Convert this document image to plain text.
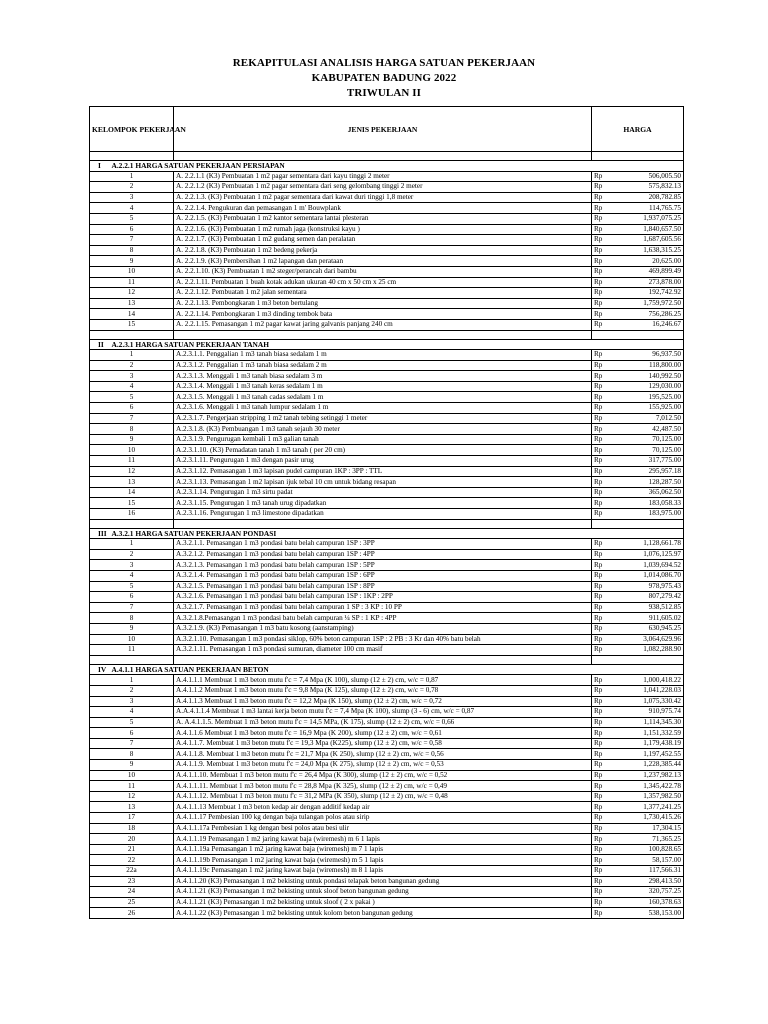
REKAPITULASI ANALISIS HARGA SATUAN PEKERJAAN
KABUPATEN BADUNG 2022
TRIWULAN II
KELOMPOK PEKERJAAN		JENIS PEKERJAAN	HARGA	

I	A.2.2.1 HARGA SATUAN PEKERJAAN PERSIAPAN			
1		A. 2.2.1.1 (K3) Pembuatan 1 m2 pagar sementara dari kayu tinggi 2 meter	Rp	506,005.50
2		A. 2.2.1.2 (K3) Pembuatan 1 m2 pagar sementara dari seng gelombang tinggi 2 meter	Rp	575,832.13
3		A. 2.2.1.3. (K3) Pembuatan 1 m2 pagar sementara dari kawat duri tinggi 1,8 meter	Rp	208,782.85
4		A. 2.2.1.4. Pengukuran dan pemasangan 1 m' Bouwplank	Rp	114,765.75
5		A. 2.2.1.5. (K3) Pembuatan 1 m2 kantor sementara lantai plesteran	Rp	1,937,075.25
6		A. 2.2.1.6. (K3) Pembuatan 1 m2 rumah jaga (konstruksi kayu )	Rp	1,840,657.50
7		A. 2.2.1.7. (K3) Pembuatan 1 m2 gudang semen dan peralatan	Rp	1,687,605.56
8		A. 2.2.1.8. (K3) Pembuatan 1 m2 bedeng pekerja	Rp	1,638,315.25
9		A. 2.2.1.9. (K3) Pembersihan 1 m2 lapangan dan perataan	Rp	20,625.00
10		A. 2.2.1.10. (K3) Pembuatan 1 m2 steger/perancah dari bambu	Rp	469,899.49
11		A. 2.2.1.11. Pembuatan 1 buah kotak adukan ukuran 40 cm x 50 cm x 25 cm	Rp	273,878.00
12		A. 2.2.1.12. Pembuatan 1 m2 jalan sementara	Rp	192,742.92
13		A. 2.2.1.13. Pembongkaran 1 m3 beton bertulang	Rp	1,759,972.50
14		A. 2.2.1.14. Pembongkaran 1 m3 dinding tembok bata	Rp	756,286.25
15		A. 2.2.1.15. Pemasangan 1 m2 pagar kawat jaring galvanis panjang 240 cm	Rp	16,246.67

II	A.2.3.1 HARGA SATUAN PEKERJAAN TANAH			
1		A.2.3.1.1. Penggalian 1 m3 tanah biasa sedalam 1 m	Rp	96,937.50
2		A.2.3.1.2. Penggalian 1 m3 tanah biasa sedalam 2 m	Rp	118,800.00
3		A.2.3.1.3. Menggali 1 m3 tanah biasa sedalam 3 m	Rp	140,992.50
4		A.2.3.1.4. Menggali 1 m3 tanah keras sedalam 1 m	Rp	129,030.00
5		A.2.3.1.5. Menggali 1 m3 tanah cadas sedalam 1 m	Rp	195,525.00
6		A.2.3.1.6. Menggali 1 m3 tanah lumpur sedalam 1 m	Rp	155,925.00
7		A.2.3.1.7. Pengerjaan stripping 1 m2 tanah tebing setinggi 1 meter	Rp	7,012.50
8		A.2.3.1.8. (K3) Pembuangan 1 m3 tanah sejauh 30 meter	Rp	42,487.50
9		A.2.3.1.9. Pengurugan kembali 1 m3 galian tanah	Rp	70,125.00
10		A.2.3.1.10. (K3) Pemadatan tanah 1 m3 tanah ( per 20 cm)	Rp	70,125.00
11		A.2.3.1.11. Pengurugan 1 m3 dengan pasir urug	Rp	317,775.00
12		A.2.3.1.12. Pemasangan 1 m3 lapisan pudel campuran 1KP : 3PP : TTL	Rp	295,957.18
13		A.2.3.1.13. Pemasangan 1 m2 lapisan ijuk tebal 10 cm untuk bidang resapan	Rp	128,287.50
14		A.2.3.1.14. Pengurugan 1 m3 sirtu padat	Rp	365,062.50
15		A.2.3.1.15. Pengurugan 1 m3 tanah urug dipadatkan	Rp	183,058.33
16		A.2.3.1.16. Pengurugan 1 m3 limestone dipadatkan	Rp	183,975.00

III	A.3.2.1 HARGA SATUAN PEKERJAAN PONDASI			
1		A.3.2.1.1. Pemasangan 1 m3 pondasi batu belah campuran 1SP : 3PP	Rp	1,128,661.78
2		A.3.2.1.2. Pemasangan 1 m3 pondasi batu belah campuran 1SP : 4PP	Rp	1,076,125.97
3		A.3.2.1.3. Pemasangan 1 m3 pondasi batu belah campuran 1SP : 5PP	Rp	1,039,694.52
4		A.3.2.1.4. Pemasangan 1 m3 pondasi batu belah campuran 1SP : 6PP	Rp	1,014,086.70
5		A.3.2.1.5. Pemasangan 1 m3 pondasi batu belah campuran 1SP : 8PP	Rp	978,975.43
6		A.3.2.1.6. Pemasangan 1 m3 pondasi batu belah campuran 1SP : 1KP : 2PP	Rp	807,279.42
7		A.3.2.1.7. Pemasangan 1 m3 pondasi batu belah campuran 1 SP : 3 KP : 10 PP	Rp	938,512.85
8		A.3.2.1.8.Pemasangan 1 m3 pondasi batu belah campuran ¼ SP : 1 KP : 4PP	Rp	911,605.02
9		A.3.2.1.9. (K3) Pemasangan 1 m3 batu kosong (aanstamping)	Rp	630,945.25
10		A.3.2.1.10. Pemasangan 1 m3 pondasi siklop, 60% beton campuran 1SP : 2 PB : 3 Kr dan 40% batu belah	Rp	3,064,629.96
11		A.3.2.1.11. Pemasangan 1 m3 pondasi sumuran, diameter 100 cm masif	Rp	1,082,288.90

IV	A.4.1.1 HARGA SATUAN PEKERJAAN BETON			
1		A.4.1.1.1 Membuat 1 m3 beton mutu f'c = 7,4 Mpa (K 100), slump (12 ± 2) cm, w/c = 0,87	Rp	1,000,418.22
2		A.4.1.1.2 Membuat 1 m3 beton mutu f'c = 9,8 Mpa (K 125), slump (12 ± 2) cm, w/c = 0,78	Rp	1,041,228.03
3		A.4.1.1.3 Membuat 1 m3 beton mutu f'c = 12,2 Mpa (K 150), slump (12 ± 2) cm, w/c = 0,72	Rp	1,075,330.42
4		A.A.4.1.1.4 Membuat 1 m3 lantai kerja beton mutu f'c = 7,4 Mpa (K 100), slump (3 - 6) cm, w/c = 0,87	Rp	910,975.74
5		A. A.4.1.1.5. Membuat 1 m3 beton mutu f'c = 14,5 MPa, (K 175), slump (12 ± 2) cm, w/c = 0,66	Rp	1,114,345.30
6		A.4.1.1.6 Membuat 1 m3 beton mutu f'c = 16,9 Mpa (K 200), slump (12 ± 2) cm, w/c = 0,61	Rp	1,151,332.59
7		A.4.1.1.7. Membuat 1 m3 beton mutu f'c = 19,3 Mpa (K225), slump (12 ± 2) cm, w/c = 0,58	Rp	1,179,438.19
8		A.4.1.1.8. Membuat 1 m3 beton mutu f'c = 21,7 Mpa (K 250), slump (12 ± 2) cm, w/c = 0,56	Rp	1,197,452.55
9		A.4.1.1.9. Membuat 1 m3 beton mutu f'c = 24,0 Mpa (K 275), slump (12 ± 2) cm, w/c = 0,53	Rp	1,228,385.44
10		A.4.1.1.10. Membuat 1 m3 beton mutu f'c = 26,4 Mpa (K 300), slump (12 ± 2) cm, w/c = 0,52	Rp	1,237,982.13
11		A.4.1.1.11. Membuat 1 m3 beton mutu f'c = 28,8 Mpa (K 325), slump (12 ± 2) cm, w/c = 0,49	Rp	1,345,422.78
12		A.4.1.1.12. Membuat 1 m3 beton mutu f'c = 31,2 MPa (K 350), slump (12 ± 2) cm, w/c = 0,48	Rp	1,357,982.50
13		A.4.1.1.13 Membuat 1 m3 beton kedap air dengan additif kedap air	Rp	1,377,241.25
17		A.4.1.1.17 Pembesian 100 kg dengan baja tulangan polos atau sirip	Rp	1,730,415.26
18		A.4.1.1.17a Pembesian 1 kg dengan besi polos atau besi ulir	Rp	17,304.15
20		A.4.1.1.19 Pemasangan 1 m2 jaring kawat baja (wiremesh) m 6 1 lapis	Rp	71,365.25
21		A.4.1.1.19a Pemasangan 1 m2 jaring kawat baja (wiremesh) m 7 1 lapis	Rp	100,828.65
22		A.4.1.1.19b Pemasangan 1 m2 jaring kawat baja (wiremesh) m 5 1 lapis	Rp	58,157.00
22a		A.4.1.1.19c Pemasangan 1 m2 jaring kawat baja (wiremesh) m 8 1 lapis	Rp	117,566.31
23		A.4.1.1.20 (K3) Pemasangan 1 m2 bekisting untuk pondasi telapak beton bangunan gedung	Rp	298,413.50
24		A.4.1.1.21 (K3) Pemasangan 1 m2 bekisting untuk sloof beton bangunan gedung	Rp	320,757.25
25		A.4.1.1.21 (K3) Pemasangan 1 m2 bekisting untuk sloof ( 2 x pakai )	Rp	160,378.63
26		A.4.1.1.22 (K3) Pemasangan 1 m2 bekisting untuk kolom beton bangunan gedung	Rp	538,153.00
